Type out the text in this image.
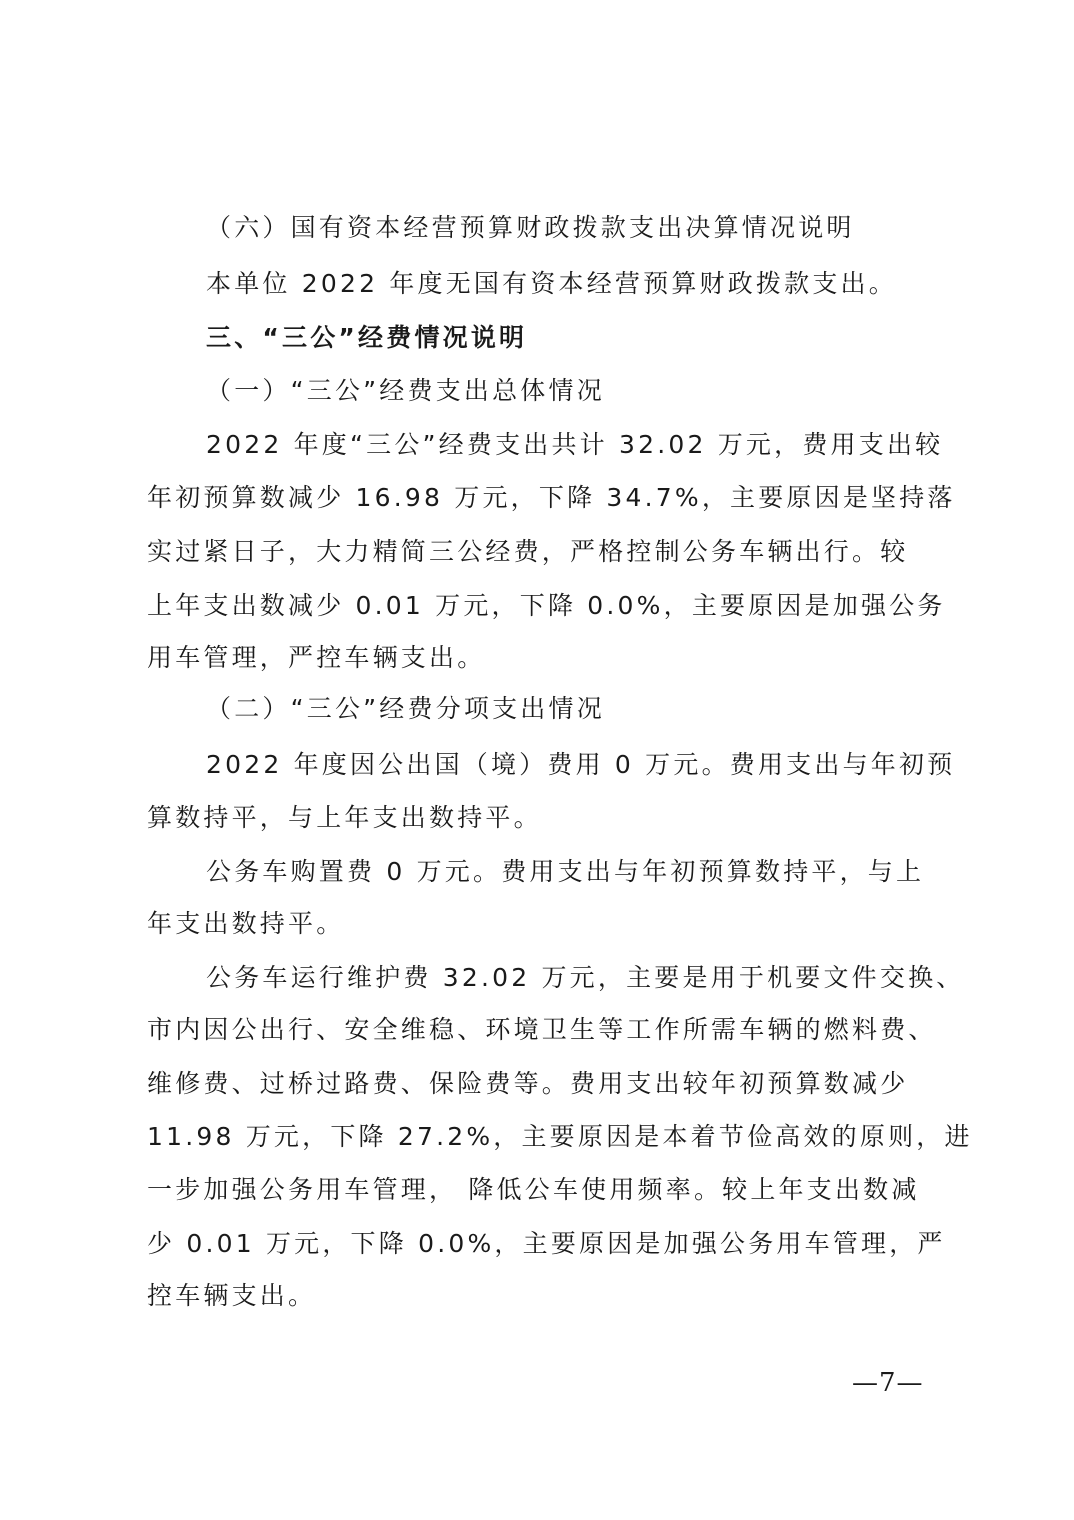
（六）国有资本经营预算财政拨款支出决算情况说明
本单位 2022 年度无国有资本经营预算财政拨款支出。
三、“三公”经费情况说明
（一）“三公”经费支出总体情况
2022 年度“三公”经费支出共计 32.02 万元，费用支出较
年初预算数减少 16.98 万元，下降 34.7%，主要原因是坚持落
实过紧日子，大力精简三公经费，严格控制公务车辆出行。较
上年支出数减少 0.01 万元，下降 0.0%，主要原因是加强公务
用车管理，严控车辆支出。
（二）“三公”经费分项支出情况
2022 年度因公出国（境）费用 0 万元。费用支出与年初预
算数持平，与上年支出数持平。
公务车购置费 0 万元。费用支出与年初预算数持平，与上
年支出数持平。
公务车运行维护费 32.02 万元，主要是用于机要文件交换、
市内因公出行、安全维稳、环境卫生等工作所需车辆的燃料费、
维修费、过桥过路费、保险费等。费用支出较年初预算数减少
11.98 万元，下降 27.2%，主要原因是本着节俭高效的原则，进
一步加强公务用车管理， 降低公车使用频率。较上年支出数减
少 0.01 万元，下降 0.0%，主要原因是加强公务用车管理，严
控车辆支出。
—7—
